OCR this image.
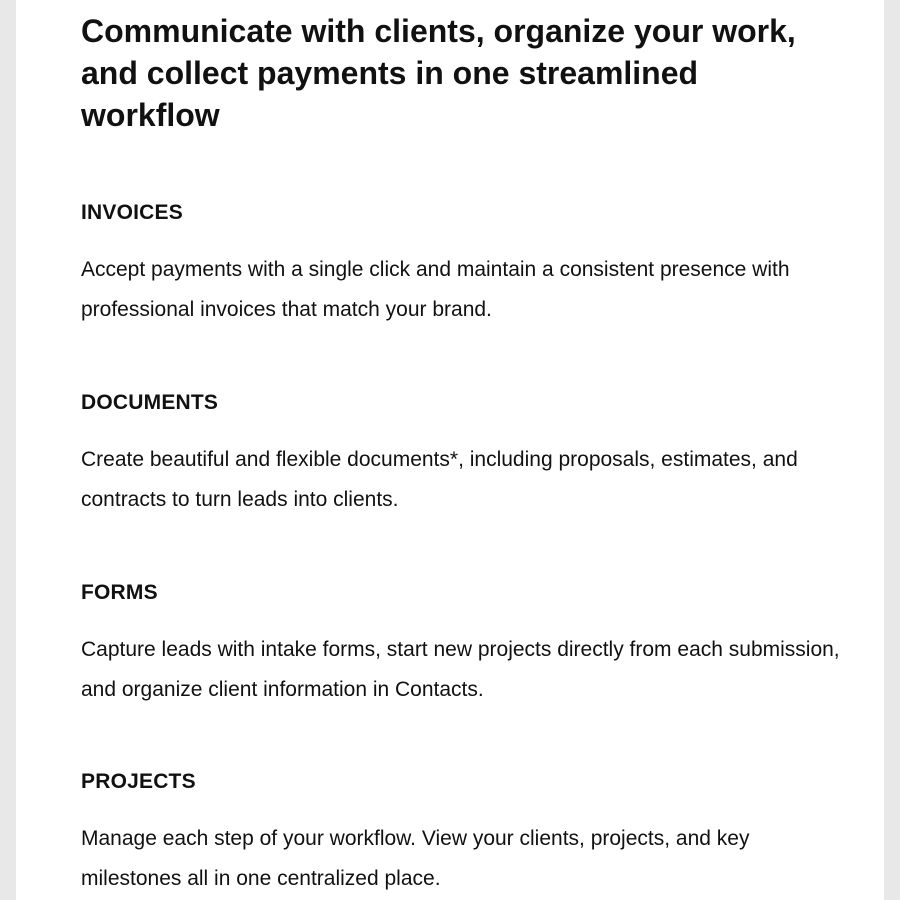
Communicate with clients, organize your work, and collect payments in one streamlined workflow
INVOICES

Accept payments with a single click and maintain a consistent presence with professional invoices that match your brand.

DOCUMENTS

Create beautiful and flexible documents*, including proposals, estimates, and contracts to turn leads into clients.

FORMS

Capture leads with intake forms, start new projects directly from each submission, and organize client information in Contacts.

PROJECTS

Manage each step of your workflow. View your clients, projects, and key milestones all in one centralized place.
